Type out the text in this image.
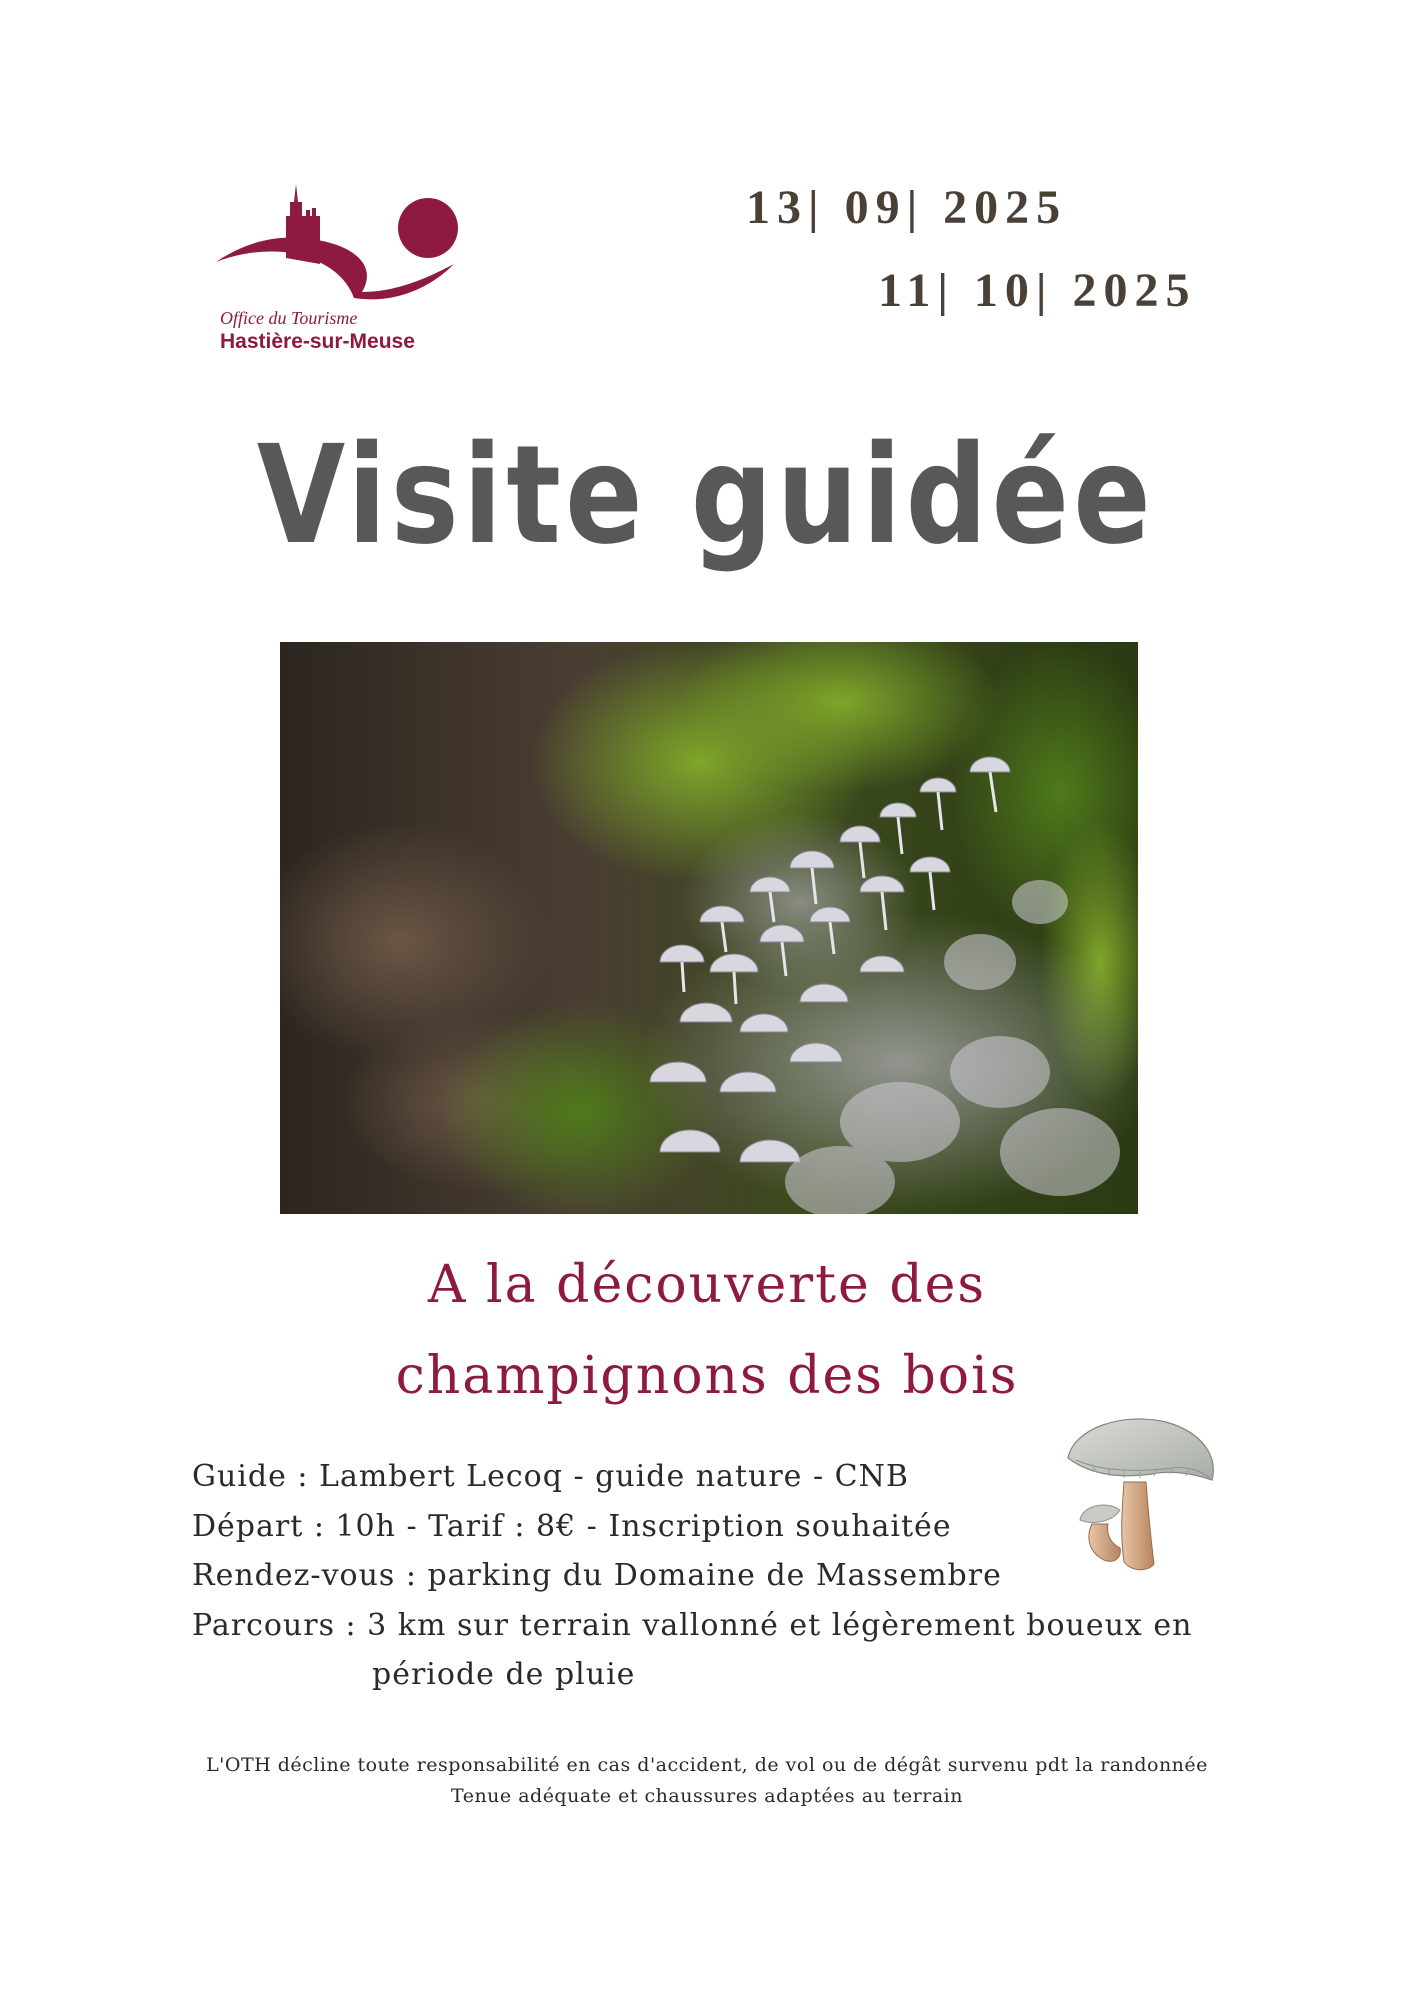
Office du Tourisme
Hastière-sur-Meuse
13| 09| 2025
11| 10| 2025
Visite guidée
A la découverte des
champignons des bois
Guide : Lambert Lecoq - guide nature - CNB
Départ : 10h - Tarif : 8€ - Inscription souhaitée
Rendez-vous : parking du Domaine de Massembre
Parcours : 3 km sur terrain vallonné et légèrement boueux en
période de pluie
L'OTH décline toute responsabilité en cas d'accident, de vol ou de dégât survenu pdt la randonnée
Tenue adéquate et chaussures adaptées au terrain
